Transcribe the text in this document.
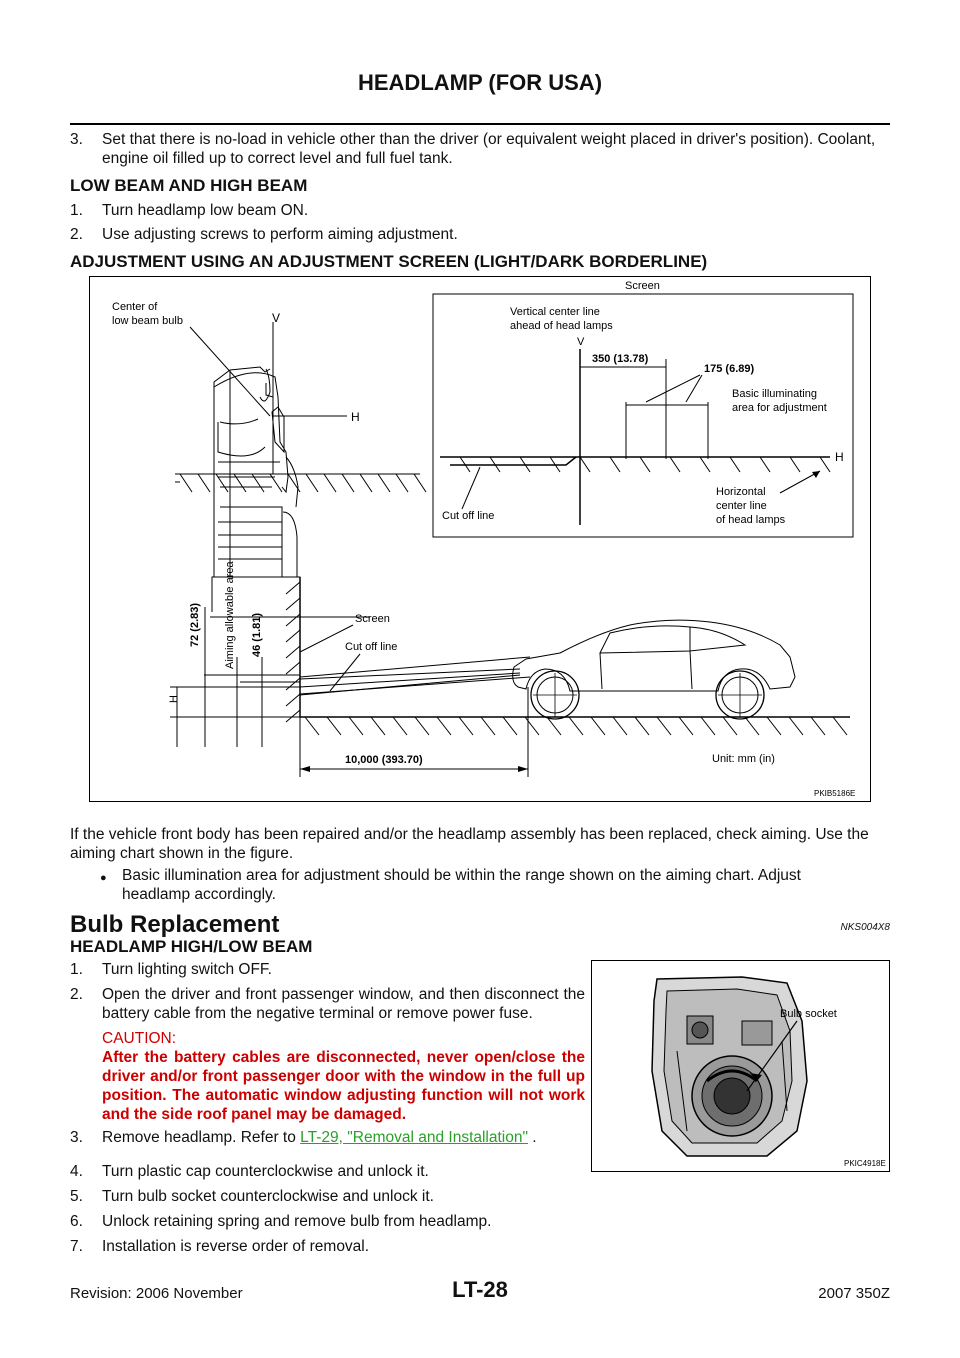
HEADLAMP (FOR USA)
3. Set that there is no-load in vehicle other than the driver (or equivalent weight placed in driver's position). Coolant, engine oil filled up to correct level and full fuel tank.
LOW BEAM AND HIGH BEAM
1. Turn headlamp low beam ON.
2. Use adjusting screws to perform aiming adjustment.
ADJUSTMENT USING AN ADJUSTMENT SCREEN (LIGHT/DARK BORDERLINE)
Center of
low beam bulb	V
H
Screen
Vertical center line
ahead of head lamps
V
350 (13.78)
175 (6.89)
Basic illuminating
area for adjustment
H
Cut off line
Horizontal
center line
of head lamps
Screen
Cut off line
H
72 (2.83) Aiming allowable area 46 (1.81)
10,000 (393.70)	Unit: mm (in)
PKIB5186E
If the vehicle front body has been repaired and/or the headlamp assembly has been replaced, check aiming. Use the aiming chart shown in the figure.
● Basic illumination area for adjustment should be within the range shown on the aiming chart. Adjust headlamp accordingly.
Bulb Replacement	NKS004X8
HEADLAMP HIGH/LOW BEAM
1. Turn lighting switch OFF.
2. Open the driver and front passenger window, and then disconnect the battery cable from the negative terminal or remove power fuse.
CAUTION:
After the battery cables are disconnected, never open/close the driver and/or front passenger door with the window in the full up position. The automatic window adjusting function will not work and the side roof panel may be damaged.
3. Remove headlamp. Refer to LT-29, "Removal and Installation" .
4. Turn plastic cap counterclockwise and unlock it.
5. Turn bulb socket counterclockwise and unlock it.
6. Unlock retaining spring and remove bulb from headlamp.
7. Installation is reverse order of removal.
Bulb socket
PKIC4918E
Revision: 2006 November	LT-28	2007 350Z
